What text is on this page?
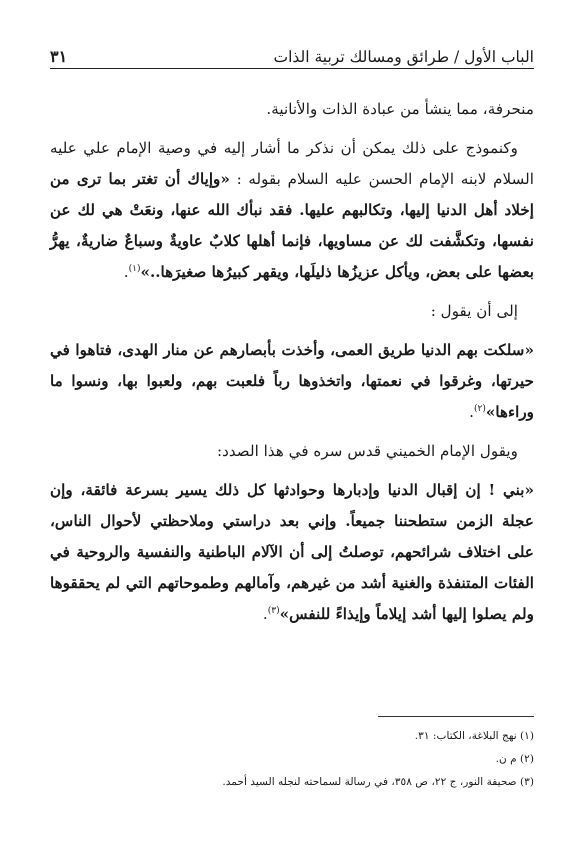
الباب الأول / طرائق ومسالك تربية الذات
٣١

منحرفة، مما ينشأ من عبادة الذات والأنانية.

وكنموذج على ذلك يمكن أن نذكر ما أشار إليه في وصية الإمام علي عليه السلام لابنه الإمام الحسن عليه السلام بقوله : «وإياك أن تغتر بما ترى من إخلاد أهل الدنيا إليها، وتكالبهم عليها. فقد نبأك الله عنها، ونعَتْ هي لك عن نفسها، وتكشَّفت لك عن مساويها، فإنما أهلها كلابٌ عاويةٌ وسباعٌ ضاريةٌ، يهرُّ بعضها على بعض، ويأكل عزيزُها ذليلَها، ويقهر كبيرُها صغيرَها..»$^{(١)}$.

إلى أن يقول :

«سلكت بهم الدنيا طريق العمى، وأخذت بأبصارهم عن منار الهدى، فتاهوا في حيرتها، وغرقوا في نعمتها، واتخذوها رباً فلعبت بهم، ولعبوا بها، ونسوا ما وراءها»$^{(٢)}$.

ويقول الإمام الخميني قدس سره في هذا الصدد:

«بني ! إن إقبال الدنيا وإدبارها وحوادثها كل ذلك يسير بسرعة فائقة، وإن عجلة الزمن ستطحننا جميعاً. وإني بعد دراستي وملاحظتي لأحوال الناس، على اختلاف شرائحهم، توصلتُ إلى أن الآلام الباطنية والنفسية والروحية في الفئات المتنفذة والغنية أشد من غيرهم، وآمالهم وطموحاتهم التي لم يحققوها ولم يصلوا إليها أشد إيلاماً وإيذاءً للنفس»$^{(٣)}$.

(١) نهج البلاغة، الكتاب: ٣١.

(٢) م ن.

(٣) صحيفة النور، ج ٢٢، ص ٣٥٨، في رسالة لسماحته لنجله السيد أحمد.
